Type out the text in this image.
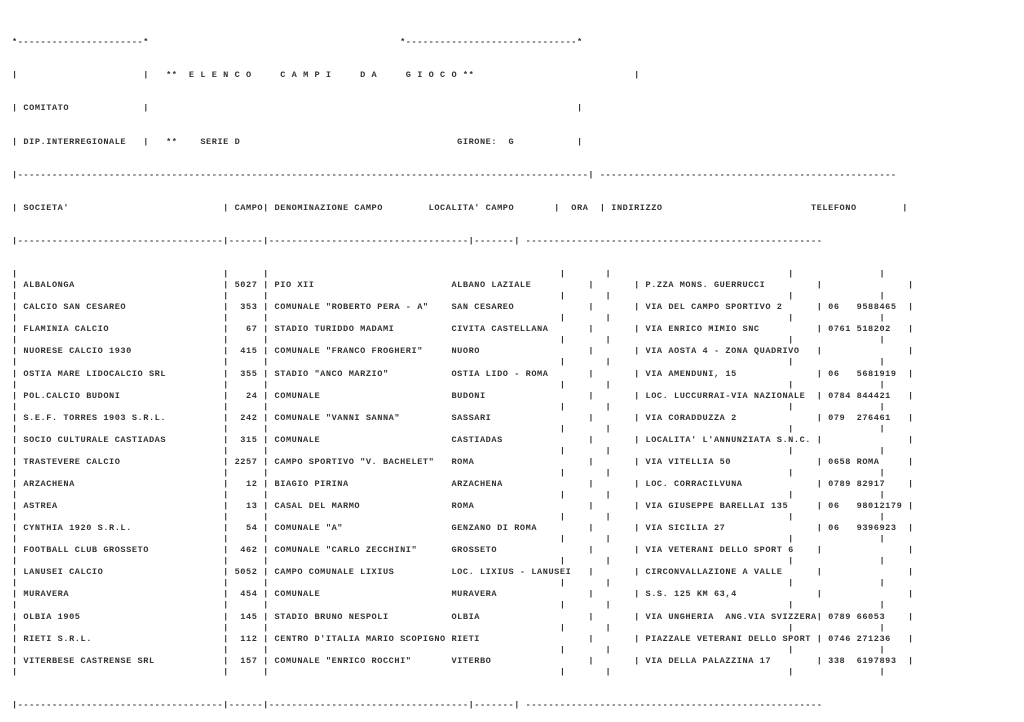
*----------------------*                                            *------------------------------*

|                      |   **  E L E N C O     C A M P I     D A     G I O C O **                            |

| COMITATO             |                                                                           |

| DIP.INTERREGIONALE   |   **    SERIE D                                      GIRONE:  G           |

|----------------------------------------------------------------------------------------------------| ----------------------------------------------------

| SOCIETA'                           | CAMPO| DENOMINAZIONE CAMPO        LOCALITA' CAMPO       |  ORA  | INDIRIZZO                          TELEFONO        |

|------------------------------------|------|-----------------------------------|-------| ----------------------------------------------------

|                                    |      |                                                   |       |                               |               |
| ALBALONGA                          | 5027 | PIO XII                        ALBANO LAZIALE          |       | P.ZZA MONS. GUERRUCCI         |               |
|                                    |      |                                                   |       |                               |               |
| CALCIO SAN CESAREO                 |  353 | COMUNALE "ROBERTO PERA - A"    SAN CESAREO             |       | VIA DEL CAMPO SPORTIVO 2      | 06   9588465  |
|                                    |      |                                                   |       |                               |               |
| FLAMINIA CALCIO                    |   67 | STADIO TURIDDO MADAMI          CIVITA CASTELLANA       |       | VIA ENRICO MIMIO SNC          | 0761 518202   |
|                                    |      |                                                   |       |                               |               |
| NUORESE CALCIO 1930                |  415 | COMUNALE "FRANCO FROGHERI"     NUORO                   |       | VIA AOSTA 4 - ZONA QUADRIVO   |               |
|                                    |      |                                                   |       |                               |               |
| OSTIA MARE LIDOCALCIO SRL          |  355 | STADIO "ANCO MARZIO"           OSTIA LIDO - ROMA       |       | VIA AMENDUNI, 15              | 06   5681919  |
|                                    |      |                                                   |       |                               |               |
| POL.CALCIO BUDONI                  |   24 | COMUNALE                       BUDONI                  |       | LOC. LUCCURRAI-VIA NAZIONALE  | 0784 844421   |
|                                    |      |                                                   |       |                               |               |
| S.E.F. TORRES 1903 S.R.L.          |  242 | COMUNALE "VANNI SANNA"         SASSARI                 |       | VIA CORADDUZZA 2              | 079  276461   |
|                                    |      |                                                   |       |                               |               |
| SOCIO CULTURALE CASTIADAS          |  315 | COMUNALE                       CASTIADAS               |       | LOCALITA' L'ANNUNZIATA S.N.C. |               |
|                                    |      |                                                   |       |                               |               |
| TRASTEVERE CALCIO                  | 2257 | CAMPO SPORTIVO "V. BACHELET"   ROMA                    |       | VIA VITELLIA 50               | 0658 ROMA     |
|                                    |      |                                                   |       |                               |               |
| ARZACHENA                          |   12 | BIAGIO PIRINA                  ARZACHENA               |       | LOC. CORRACILVUNA             | 0789 82917    |
|                                    |      |                                                   |       |                               |               |
| ASTREA                             |   13 | CASAL DEL MARMO                ROMA                    |       | VIA GIUSEPPE BARELLAI 135     | 06   98012179 |
|                                    |      |                                                   |       |                               |               |
| CYNTHIA 1920 S.R.L.                |   54 | COMUNALE "A"                   GENZANO DI ROMA         |       | VIA SICILIA 27                | 06   9396923  |
|                                    |      |                                                   |       |                               |               |
| FOOTBALL CLUB GROSSETO             |  462 | COMUNALE "CARLO ZECCHINI"      GROSSETO                |       | VIA VETERANI DELLO SPORT 6    |               |
|                                    |      |                                                   |       |                               |               |
| LANUSEI CALCIO                     | 5052 | CAMPO COMUNALE LIXIUS          LOC. LIXIUS - LANUSEI   |       | CIRCONVALLAZIONE A VALLE      |               |
|                                    |      |                                                   |       |                               |               |
| MURAVERA                           |  454 | COMUNALE                       MURAVERA                |       | S.S. 125 KM 63,4              |               |
|                                    |      |                                                   |       |                               |               |
| OLBIA 1905                         |  145 | STADIO BRUNO NESPOLI           OLBIA                   |       | VIA UNGHERIA  ANG.VIA SVIZZERA| 0789 66053    |
|                                    |      |                                                   |       |                               |               |
| RIETI S.R.L.                       |  112 | CENTRO D'ITALIA MARIO SCOPIGNO RIETI                   |       | PIAZZALE VETERANI DELLO SPORT | 0746 271236   |
|                                    |      |                                                   |       |                               |               |
| VITERBESE CASTRENSE SRL            |  157 | COMUNALE "ENRICO ROCCHI"       VITERBO                 |       | VIA DELLA PALAZZINA 17        | 338  6197893  |
|                                    |      |                                                   |       |                               |               |

|------------------------------------|------|-----------------------------------|-------| ----------------------------------------------------
